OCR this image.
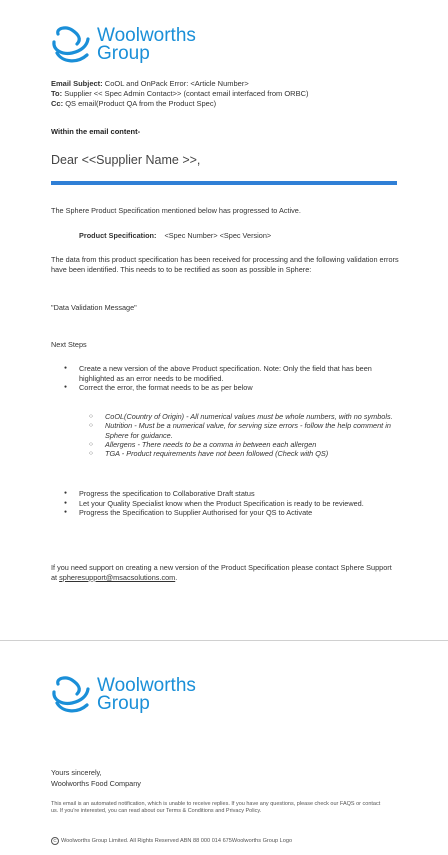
Woolworths
Group
Email Subject: CoOL and OnPack Error: <Article Number>
To: Supplier << Spec Admin Contact>> (contact email interfaced from ORBC)
Cc: QS email(Product QA from the Product Spec)
Within the email content-
Dear <<Supplier Name >>,
The Sphere Product Specification mentioned below has progressed to Active.
Product Specification: <Spec Number> <Spec Version>
The data from this product specification has been received for processing and the following validation errors have been identified. This needs to to be rectified as soon as possible in Sphere:
"Data Validation Message"
Next Steps
● Create a new version of the above Product specification. Note: Only the field that has been highlighted as an error needs to be modified.
● Correct the error, the format needs to be as per below
○ CoOL(Country of Origin) - All numerical values must be whole numbers, with no symbols.
○ Nutrition - Must be a numerical value, for serving size errors - follow the help comment in Sphere for guidance.
○ Allergens - There needs to be a comma in between each allergen
○ TGA - Product requirements have not been followed (Check with QS)
● Progress the specification to Collaborative Draft status
● Let your Quality Specialist know when the Product Specification is ready to be reviewed.
● Progress the Specification to Supplier Authorised for your QS to Activate
If you need support on creating a new version of the Product Specification please contact Sphere Support at spheresupport@msacsolutions.com.
Woolworths
Group
Yours sincerely,
Woolworths Food Company
This email is an automated notification, which is unable to receive replies. If you have any questions, please check our FAQS or contact us. If you're interested, you can read about our Terms & Conditions and Privacy Policy.
C Woolworths Group Limited. All Rights Reserved ABN 88 000 014 675Woolworths Group Logo
